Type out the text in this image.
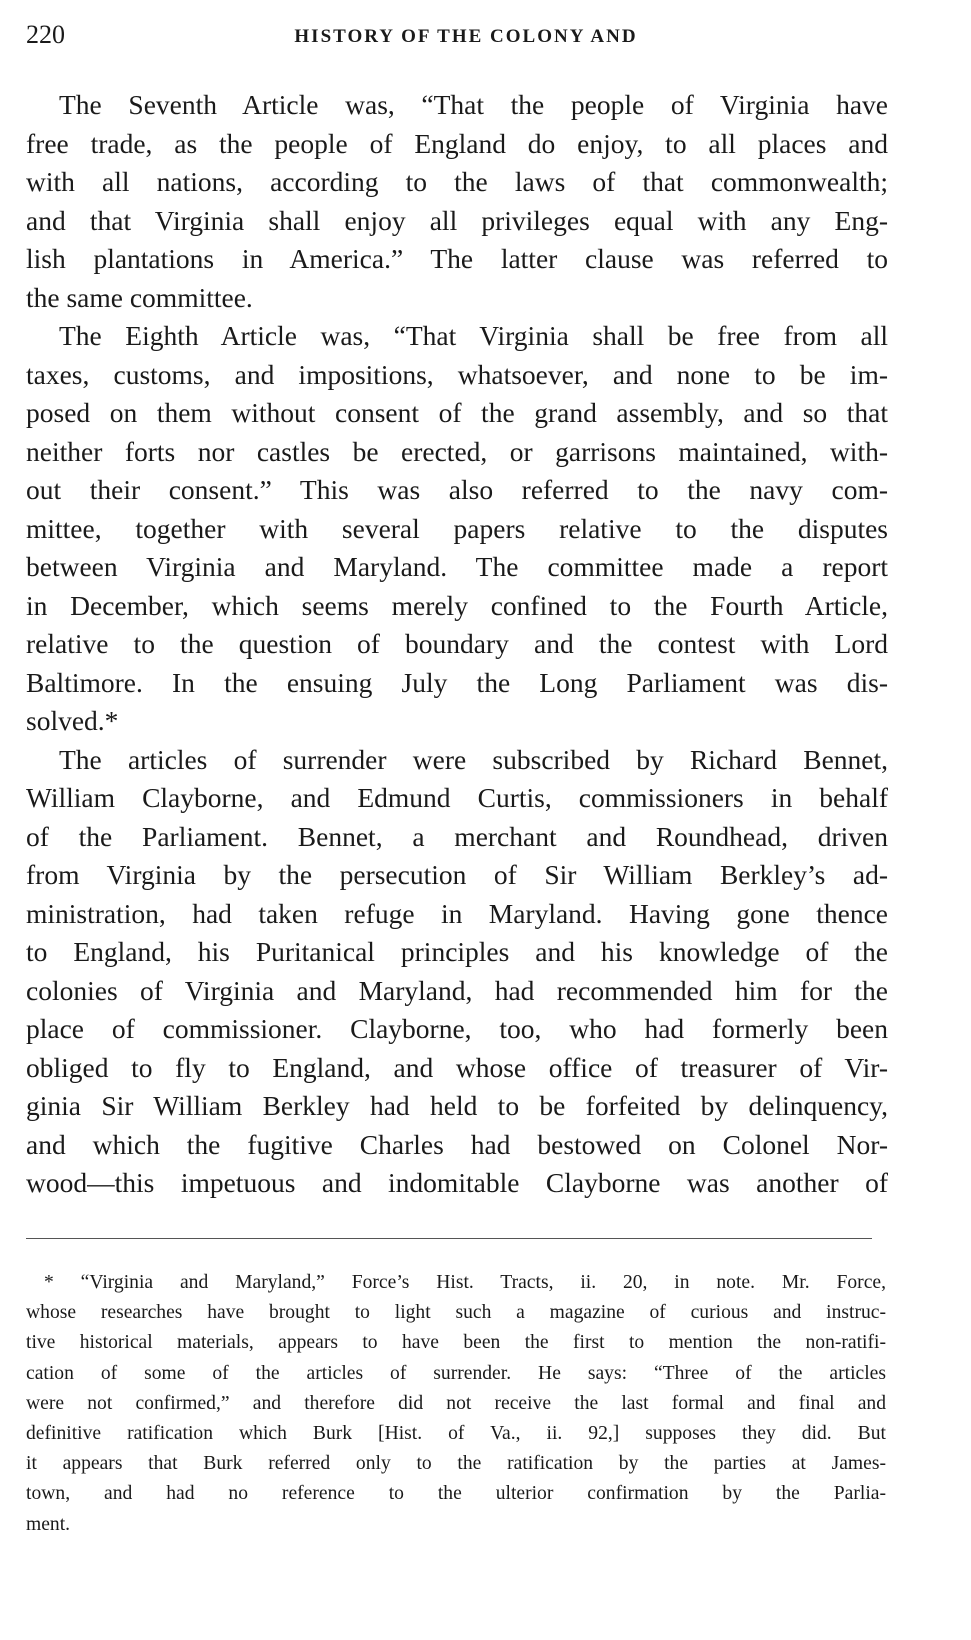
220	HISTORY OF THE COLONY AND
The Seventh Article was, “That the people of Virginia have
free trade, as the people of England do enjoy, to all places and
with all nations, according to the laws of that commonwealth;
and that Virginia shall enjoy all privileges equal with any Eng-
lish plantations in America.” The latter clause was referred to
the same committee.
The Eighth Article was, “That Virginia shall be free from all
taxes, customs, and impositions, whatsoever, and none to be im-
posed on them without consent of the grand assembly, and so that
neither forts nor castles be erected, or garrisons maintained, with-
out their consent.” This was also referred to the navy com-
mittee, together with several papers relative to the disputes
between Virginia and Maryland. The committee made a report
in December, which seems merely confined to the Fourth Article,
relative to the question of boundary and the contest with Lord
Baltimore. In the ensuing July the Long Parliament was dis-
solved.*
The articles of surrender were subscribed by Richard Bennet,
William Clayborne, and Edmund Curtis, commissioners in behalf
of the Parliament. Bennet, a merchant and Roundhead, driven
from Virginia by the persecution of Sir William Berkley’s ad-
ministration, had taken refuge in Maryland. Having gone thence
to England, his Puritanical principles and his knowledge of the
colonies of Virginia and Maryland, had recommended him for the
place of commissioner. Clayborne, too, who had formerly been
obliged to fly to England, and whose office of treasurer of Vir-
ginia Sir William Berkley had held to be forfeited by delinquency,
and which the fugitive Charles had bestowed on Colonel Nor-
wood—this impetuous and indomitable Clayborne was another of
* “Virginia and Maryland,” Force’s Hist. Tracts, ii. 20, in note. Mr. Force,
whose researches have brought to light such a magazine of curious and instruc-
tive historical materials, appears to have been the first to mention the non-ratifi-
cation of some of the articles of surrender. He says: “Three of the articles
were not confirmed,” and therefore did not receive the last formal and final and
definitive ratification which Burk [Hist. of Va., ii. 92,] supposes they did. But
it appears that Burk referred only to the ratification by the parties at James-
town, and had no reference to the ulterior confirmation by the Parlia-
ment.
